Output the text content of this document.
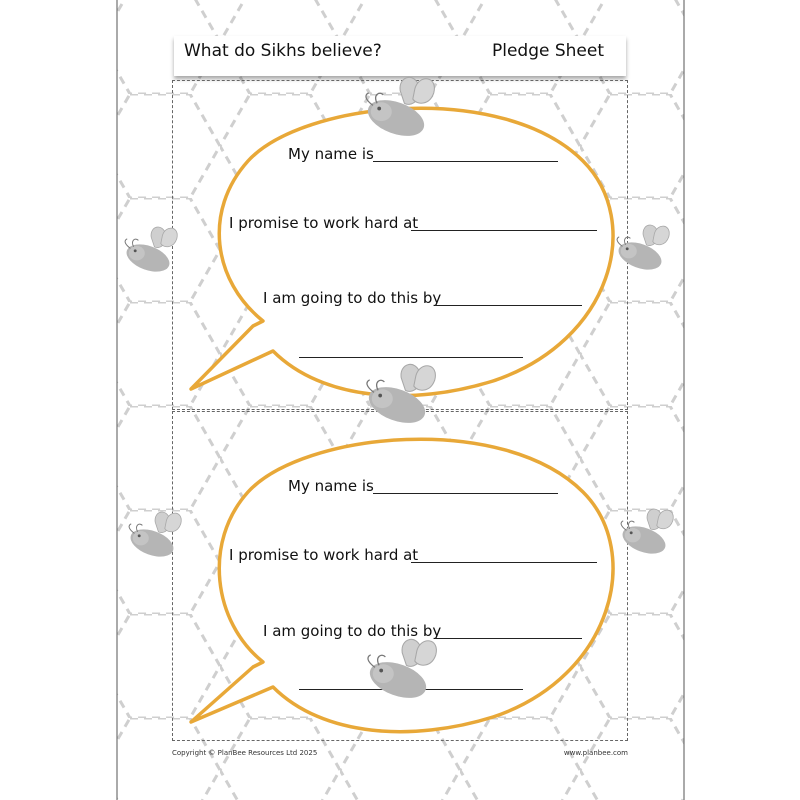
What do Sikhs believe?	Pledge Sheet
My name is
I promise to work hard at
I am going to do this by
My name is
I promise to work hard at
I am going to do this by
Copyright © PlanBee Resources Ltd 2025	www.planbee.com
